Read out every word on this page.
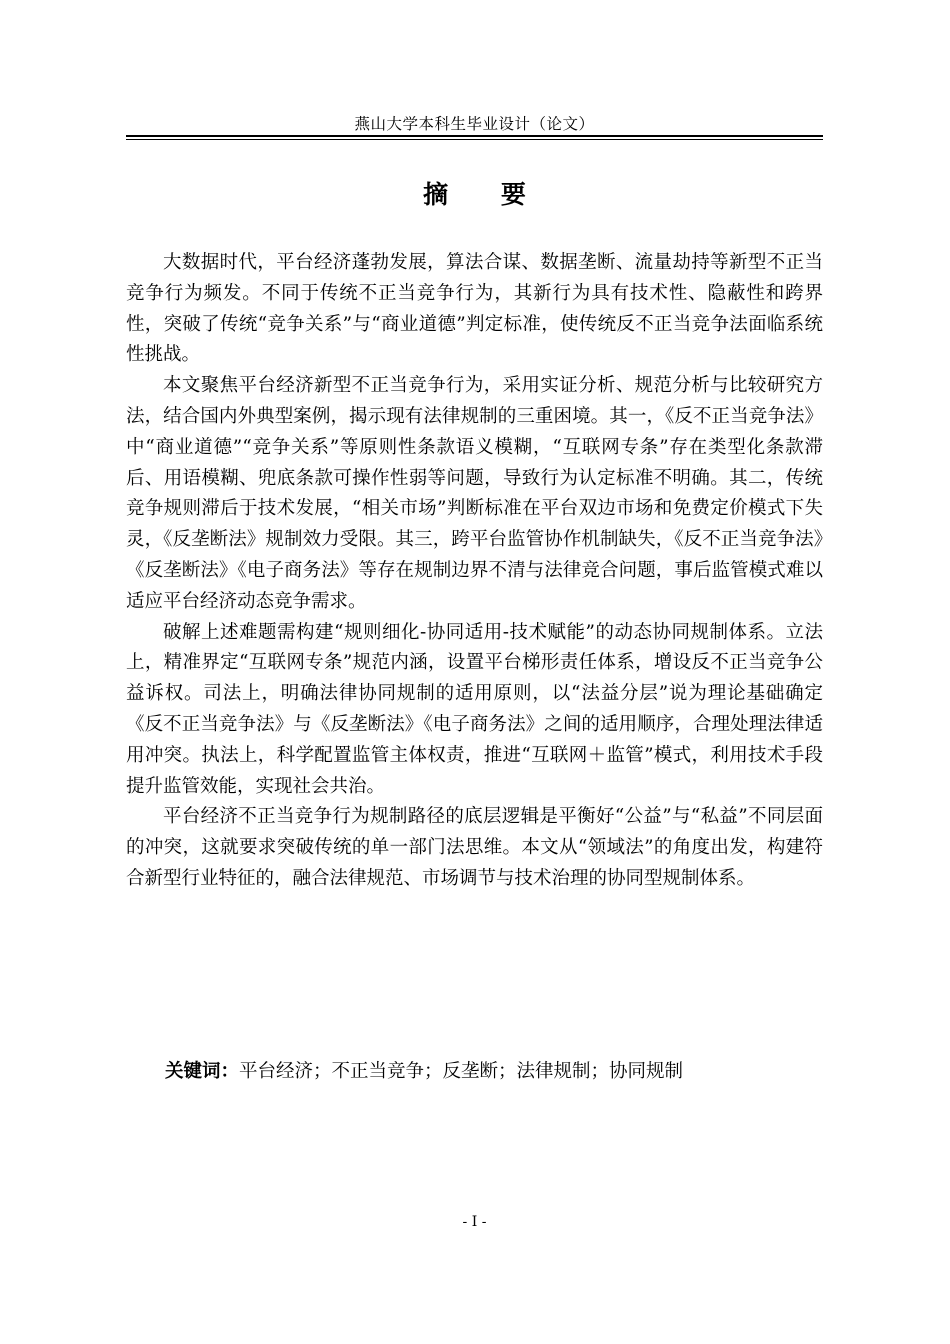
燕山大学本科生毕业设计（论文）
摘 要

大数据时代，平台经济蓬勃发展，算法合谋、数据垄断、流量劫持等新型不正当竞争行为频发。不同于传统不正当竞争行为，其新行为具有技术性、隐蔽性和跨界性，突破了传统“竞争关系”与“商业道德”判定标准，使传统反不正当竞争法面临系统性挑战。

本文聚焦平台经济新型不正当竞争行为，采用实证分析、规范分析与比较研究方法，结合国内外典型案例，揭示现有法律规制的三重困境。其一，《反不正当竞争法》中“商业道德”“竞争关系”等原则性条款语义模糊，“互联网专条”存在类型化条款滞后、用语模糊、兜底条款可操作性弱等问题，导致行为认定标准不明确。其二，传统竞争规则滞后于技术发展，“相关市场”判断标准在平台双边市场和免费定价模式下失灵，《反垄断法》规制效力受限。其三，跨平台监管协作机制缺失，《反不正当竞争法》《反垄断法》《电子商务法》等存在规制边界不清与法律竞合问题，事后监管模式难以适应平台经济动态竞争需求。

破解上述难题需构建“规则细化-协同适用-技术赋能”的动态协同规制体系。立法上，精准界定“互联网专条”规范内涵，设置平台梯形责任体系，增设反不正当竞争公益诉权。司法上，明确法律协同规制的适用原则，以“法益分层”说为理论基础确定《反不正当竞争法》与《反垄断法》《电子商务法》之间的适用顺序，合理处理法律适用冲突。执法上，科学配置监管主体权责，推进“互联网＋监管”模式，利用技术手段提升监管效能，实现社会共治。

平台经济不正当竞争行为规制路径的底层逻辑是平衡好“公益”与“私益”不同层面的冲突，这就要求突破传统的单一部门法思维。本文从“领域法”的角度出发，构建符合新型行业特征的，融合法律规范、市场调节与技术治理的协同型规制体系。

关键词：平台经济；不正当竞争；反垄断；法律规制；协同规制
- I -
